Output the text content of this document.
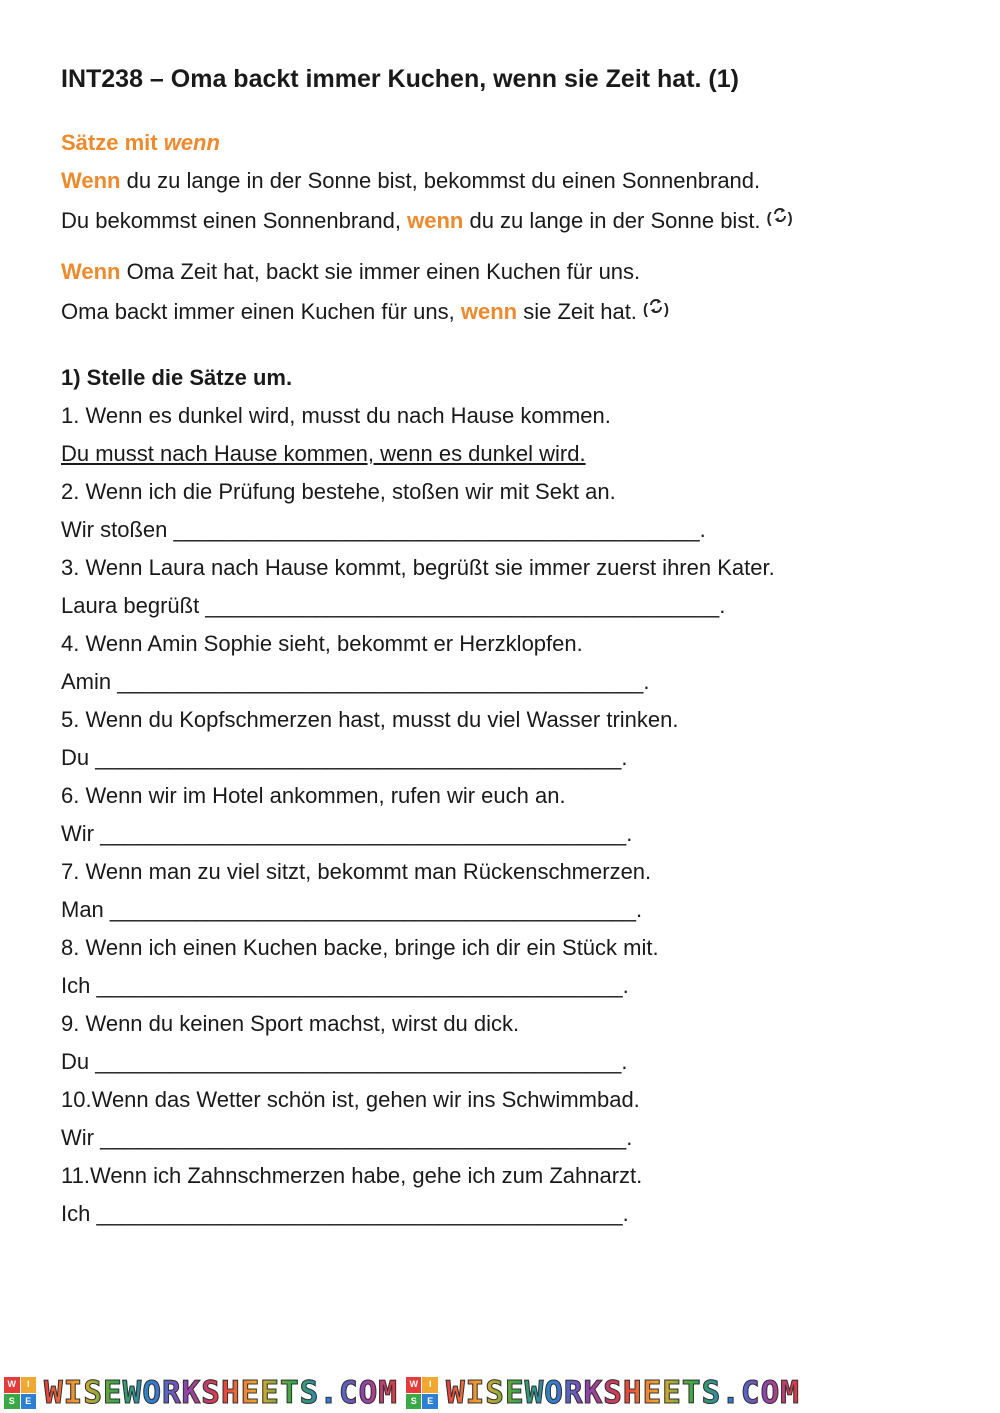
INT238 – Oma backt immer Kuchen, wenn sie Zeit hat. (1)
Sätze mit wenn
Wenn du zu lange in der Sonne bist, bekommst du einen Sonnenbrand.
Du bekommst einen Sonnenbrand, wenn du zu lange in der Sonne bist. ( )
Wenn Oma Zeit hat, backt sie immer einen Kuchen für uns.
Oma backt immer einen Kuchen für uns, wenn sie Zeit hat. ( )
1) Stelle die Sätze um.
1. Wenn es dunkel wird, musst du nach Hause kommen.
Du musst nach Hause kommen, wenn es dunkel wird.
2. Wenn ich die Prüfung bestehe, stoßen wir mit Sekt an.
Wir stoßen ___________________________________________.
3. Wenn Laura nach Hause kommt, begrüßt sie immer zuerst ihren Kater.
Laura begrüßt __________________________________________.
4. Wenn Amin Sophie sieht, bekommt er Herzklopfen.
Amin ___________________________________________.
5. Wenn du Kopfschmerzen hast, musst du viel Wasser trinken.
Du ___________________________________________.
6. Wenn wir im Hotel ankommen, rufen wir euch an.
Wir ___________________________________________.
7. Wenn man zu viel sitzt, bekommt man Rückenschmerzen.
Man ___________________________________________.
8. Wenn ich einen Kuchen backe, bringe ich dir ein Stück mit.
Ich ___________________________________________.
9. Wenn du keinen Sport machst, wirst du dick.
Du ___________________________________________.
10.Wenn das Wetter schön ist, gehen wir ins Schwimmbad.
Wir ___________________________________________.
11.Wenn ich Zahnschmerzen habe, gehe ich zum Zahnarzt.
Ich ___________________________________________.
W	I
S	E WISEWORKSHEETS.COM	W	I
S	E WISEWORKSHEETS.COM
